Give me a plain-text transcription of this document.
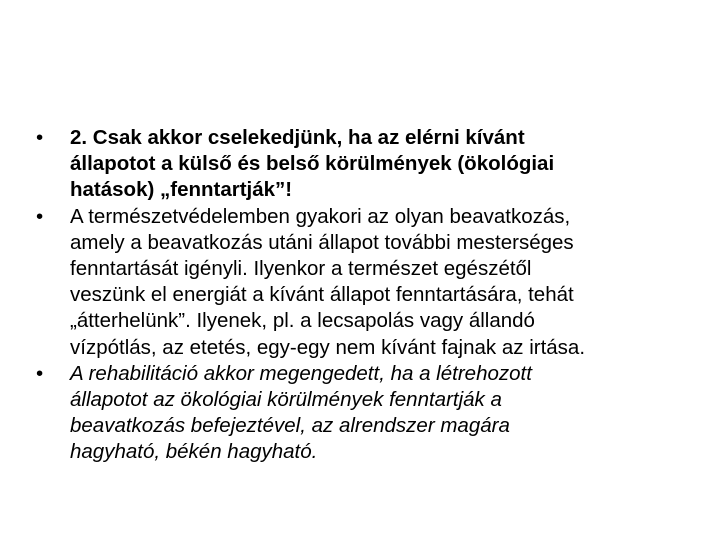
•	2. Csak akkor cselekedjünk, ha az elérni kívánt
állapotot a külső és belső körülmények (ökológiai
hatások) „fenntartják”!
•	A természetvédelemben gyakori az olyan beavatkozás,
amely a beavatkozás utáni állapot további mesterséges
fenntartását igényli. Ilyenkor a természet egészétől
veszünk el energiát a kívánt állapot fenntartására, tehát
„átterhelünk”. Ilyenek, pl. a lecsapolás vagy állandó
vízpótlás, az etetés, egy-egy nem kívánt fajnak az irtása.
•	A rehabilitáció akkor megengedett, ha a létrehozott
állapotot az ökológiai körülmények fenntartják a
beavatkozás befejeztével, az alrendszer magára
hagyható, békén hagyható.
